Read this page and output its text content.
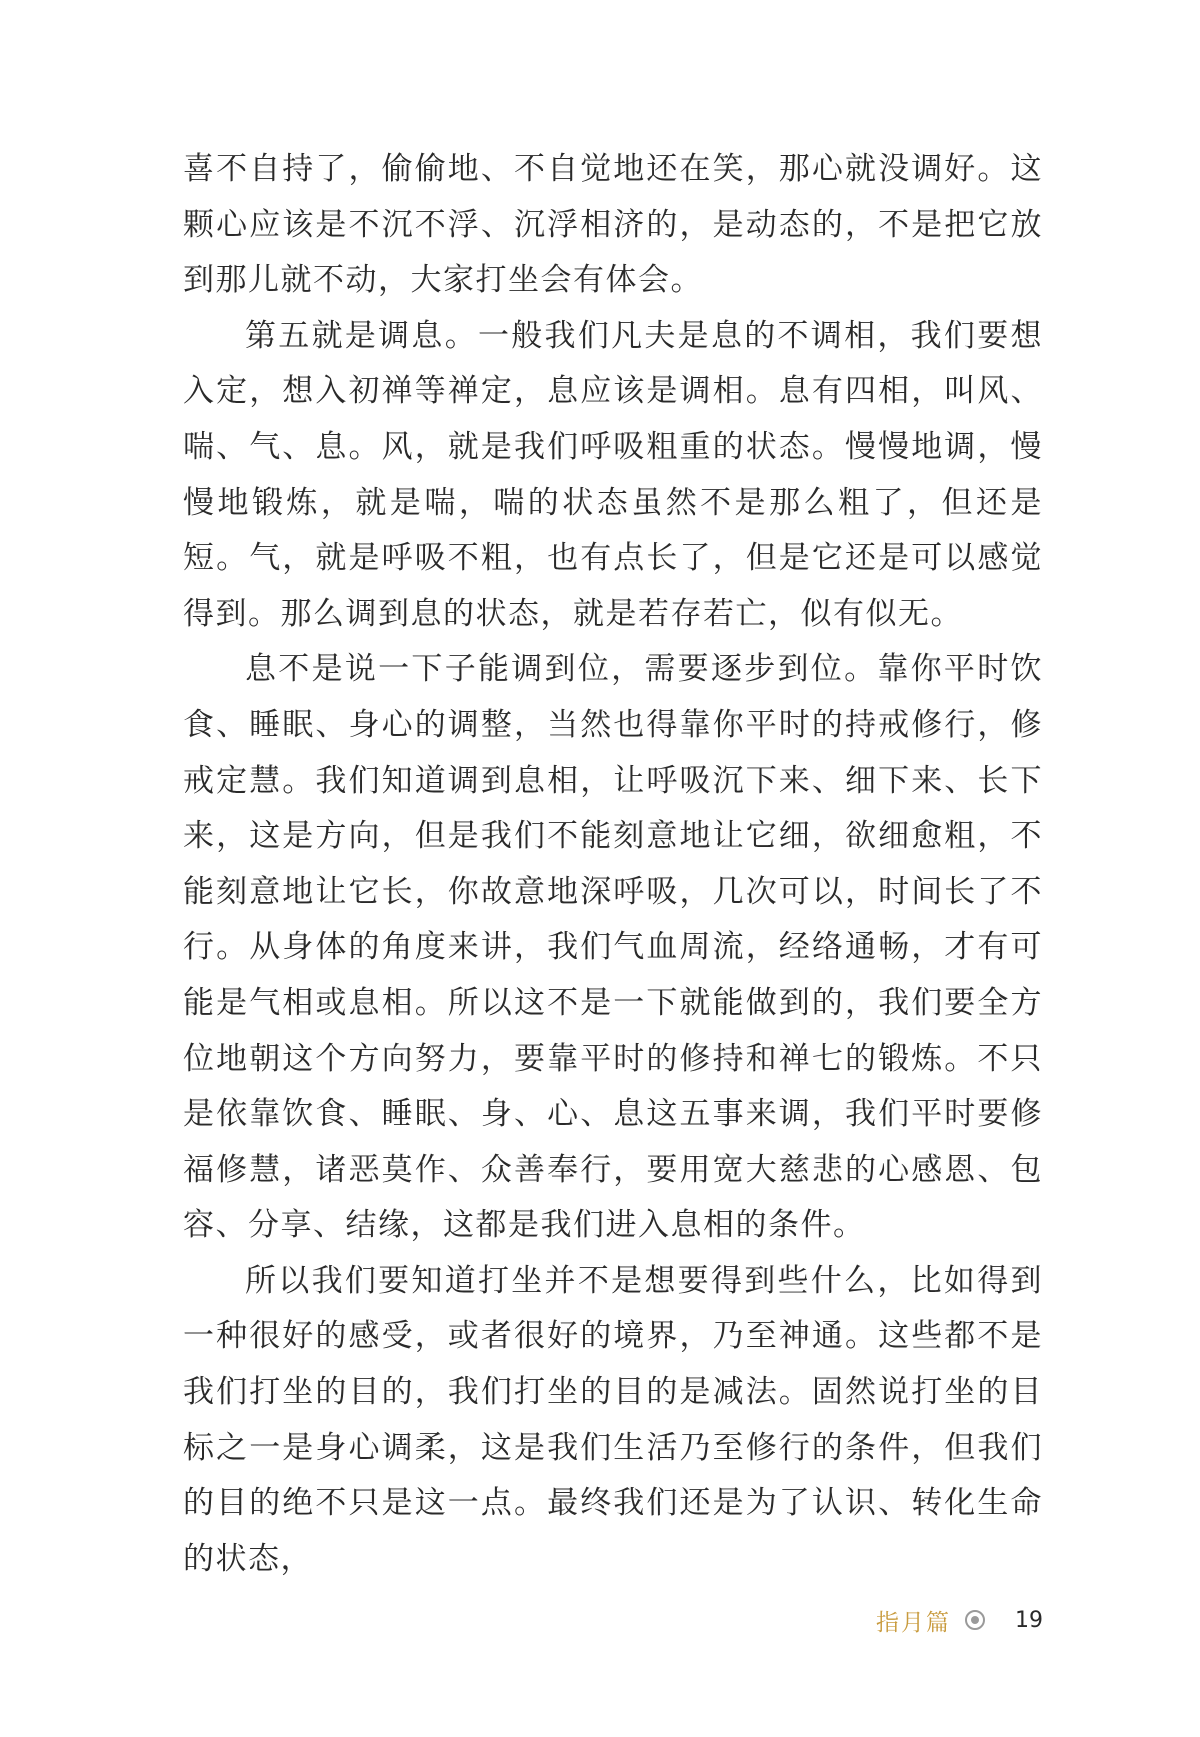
喜不自持了，偷偷地、不自觉地还在笑，那心就没调好。这颗心应该是不沉不浮、沉浮相济的，是动态的，不是把它放到那儿就不动，大家打坐会有体会。

第五就是调息。一般我们凡夫是息的不调相，我们要想入定，想入初禅等禅定，息应该是调相。息有四相，叫风、喘、气、息。风，就是我们呼吸粗重的状态。慢慢地调，慢慢地锻炼，就是喘，喘的状态虽然不是那么粗了，但还是短。气，就是呼吸不粗，也有点长了，但是它还是可以感觉得到。那么调到息的状态，就是若存若亡，似有似无。

息不是说一下子能调到位，需要逐步到位。靠你平时饮食、睡眠、身心的调整，当然也得靠你平时的持戒修行，修戒定慧。我们知道调到息相，让呼吸沉下来、细下来、长下来，这是方向，但是我们不能刻意地让它细，欲细愈粗，不能刻意地让它长，你故意地深呼吸，几次可以，时间长了不行。从身体的角度来讲，我们气血周流，经络通畅，才有可能是气相或息相。所以这不是一下就能做到的，我们要全方位地朝这个方向努力，要靠平时的修持和禅七的锻炼。不只是依靠饮食、睡眠、身、心、息这五事来调，我们平时要修福修慧，诸恶莫作、众善奉行，要用宽大慈悲的心感恩、包容、分享、结缘，这都是我们进入息相的条件。

所以我们要知道打坐并不是想要得到些什么，比如得到一种很好的感受，或者很好的境界，乃至神通。这些都不是我们打坐的目的，我们打坐的目的是减法。固然说打坐的目标之一是身心调柔，这是我们生活乃至修行的条件，但我们的目的绝不只是这一点。最终我们还是为了认识、转化生命的状态，

指月篇	19
